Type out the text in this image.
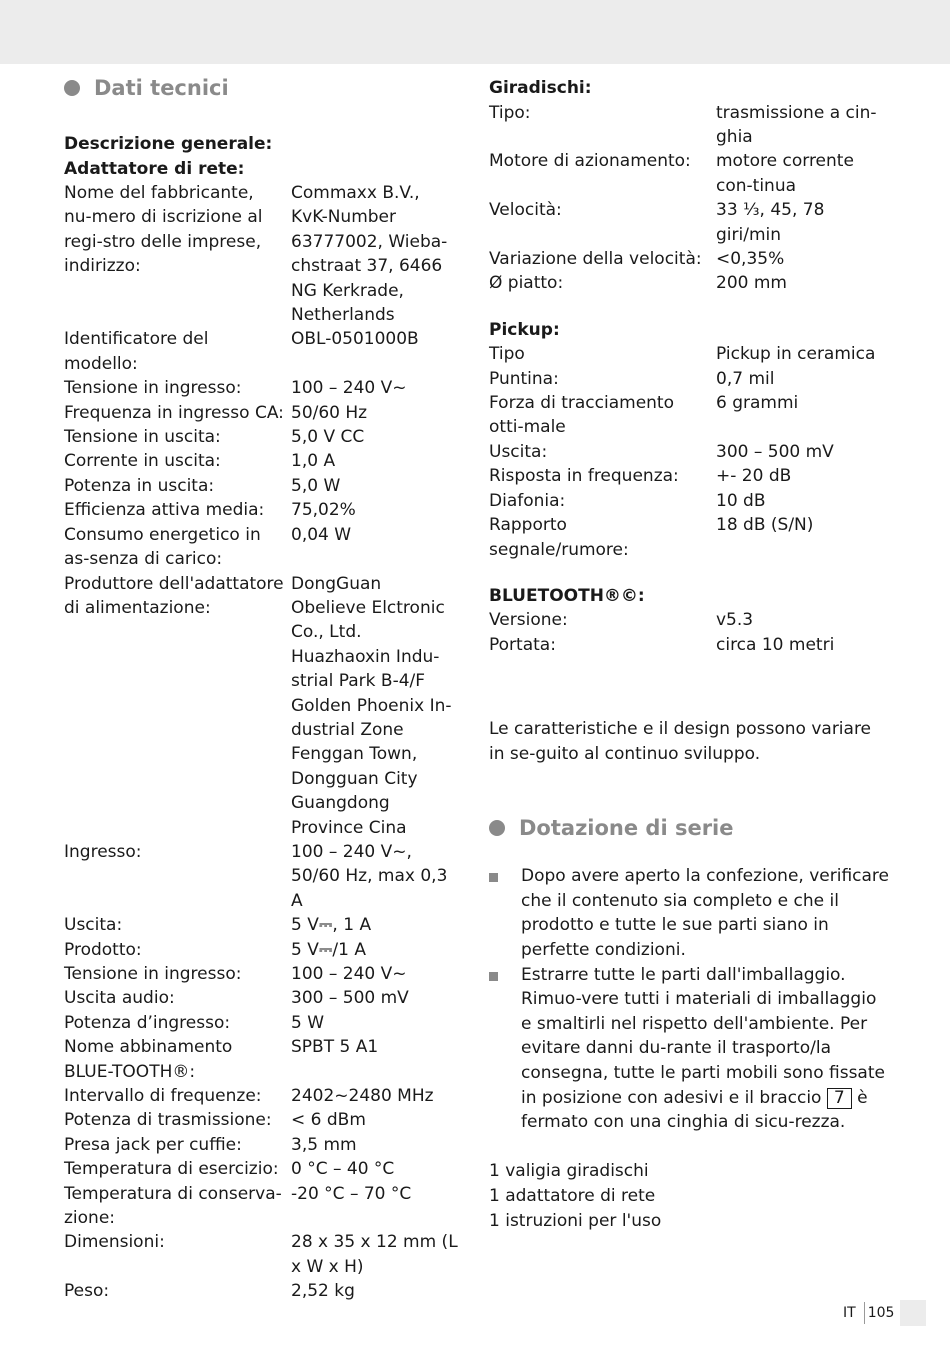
Dati tecnici

Descrizione generale:

Adattatore di rete:

Nome del fabbricante, nu-mero di iscrizione al regi-stro delle imprese, indirizzo:	Commaxx B.V., KvK-Number 63777002, Wieba-chstraat 37, 6466 NG Kerkrade, Netherlands
Identificatore del modello:	OBL-0501000B
Tensione in ingresso:	100 – 240 V~
Frequenza in ingresso CA:	50/60 Hz
Tensione in uscita:	5,0 V CC
Corrente in uscita:	1,0 A
Potenza in uscita:	5,0 W
Efficienza attiva media:	75,02%
Consumo energetico in as-senza di carico:	0,04 W
Produttore dell'adattatore di alimentazione:	DongGuan Obelieve Elctronic Co., Ltd. Huazhaoxin Indu-strial Park B-4/F Golden Phoenix In-dustrial Zone Fenggan Town, Dongguan City Guangdong Province Cina
Ingresso:	100 – 240 V~, 50/60 Hz, max 0,3 A
Uscita:	5 V⎓, 1 A
Prodotto:	5 V⎓/1 A
Tensione in ingresso:	100 – 240 V~
Uscita audio:	300 – 500 mV
Potenza d’ingresso:	5 W
Nome abbinamento BLUE-TOOTH®:	SPBT 5 A1
Intervallo di frequenze:	2402~2480 MHz
Potenza di trasmissione:	< 6 dBm
Presa jack per cuffie:	3,5 mm
Temperatura di esercizio:	0 °C – 40 °C
Temperatura di conserva-zione:	-20 °C – 70 °C
Dimensioni:	28 x 35 x 12 mm (L x W x H)
Peso:	2,52 kg

Giradischi:

Tipo:	trasmissione a cin-ghia
Motore di azionamento:	motore corrente con-tinua
Velocità:	33 ⅓, 45, 78 giri/min
Variazione della velocità:	<0,35%
Ø piatto:	200 mm

Pickup:

Tipo	Pickup in ceramica
Puntina:	0,7 mil
Forza di tracciamento otti-male	6 grammi
Uscita:	300 – 500 mV
Risposta in frequenza:	+- 20 dB
Diafonia:	10 dB
Rapporto segnale/rumore:	18 dB (S/N)

BLUETOOTH®©:

Versione:	v5.3
Portata:	circa 10 metri

Le caratteristiche e il design possono variare in se-guito al continuo sviluppo.

Dotazione di serie
Dopo avere aperto la confezione, verificare che il contenuto sia completo e che il prodotto e tutte le sue parti siano in perfette condizioni.
Estrarre tutte le parti dall'imballaggio. Rimuo-vere tutti i materiali di imballaggio e smaltirli nel rispetto dell'ambiente. Per evitare danni du-rante il trasporto/la consegna, tutte le parti mobili sono fissate in posizione con adesivi e il braccio 7 è fermato con una cinghia di sicu-rezza.
1 valigia giradischi
1 adattatore di rete
1 istruzioni per l'uso
IT 105
